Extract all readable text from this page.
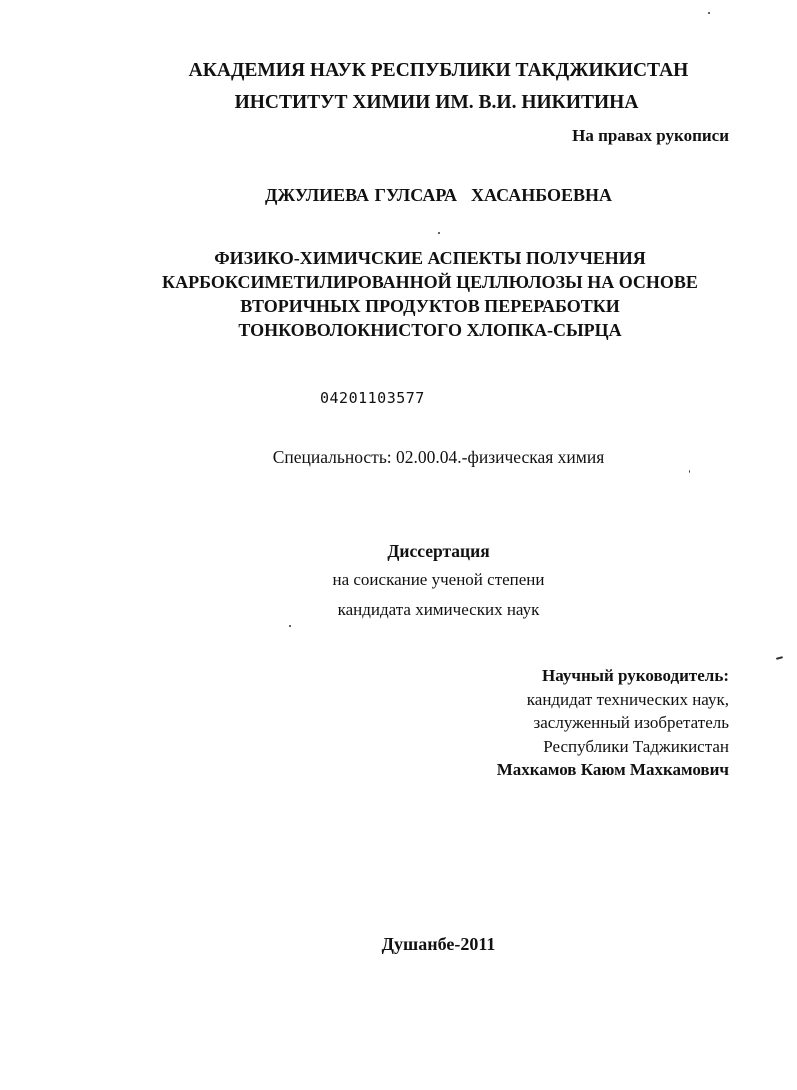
АКАДЕМИЯ НАУК РЕСПУБЛИКИ ТАКДЖИКИСТАН
ИНСТИТУТ ХИМИИ ИМ. В.И. НИКИТИНА
На правах рукописи
ДЖУЛИЕВА ГУЛСАРА ХАСАНБОЕВНА
ФИЗИКО-ХИМИЧСКИЕ АСПЕКТЫ ПОЛУЧЕНИЯ
КАРБОКСИМЕТИЛИРОВАННОЙ ЦЕЛЛЮЛОЗЫ НА ОСНОВЕ
ВТОРИЧНЫХ ПРОДУКТОВ ПЕРЕРАБОТКИ
ТОНКОВОЛОКНИСТОГО ХЛОПКА-СЫРЦА
04201103577
Специальность: 02.00.04.-физическая химия
Диссертация
на соискание ученой степени
кандидата химических наук
Научный руководитель:
кандидат технических наук,
заслуженный изобретатель
Республики Таджикистан
Махкамов Каюм Махкамович
Душанбе-2011
